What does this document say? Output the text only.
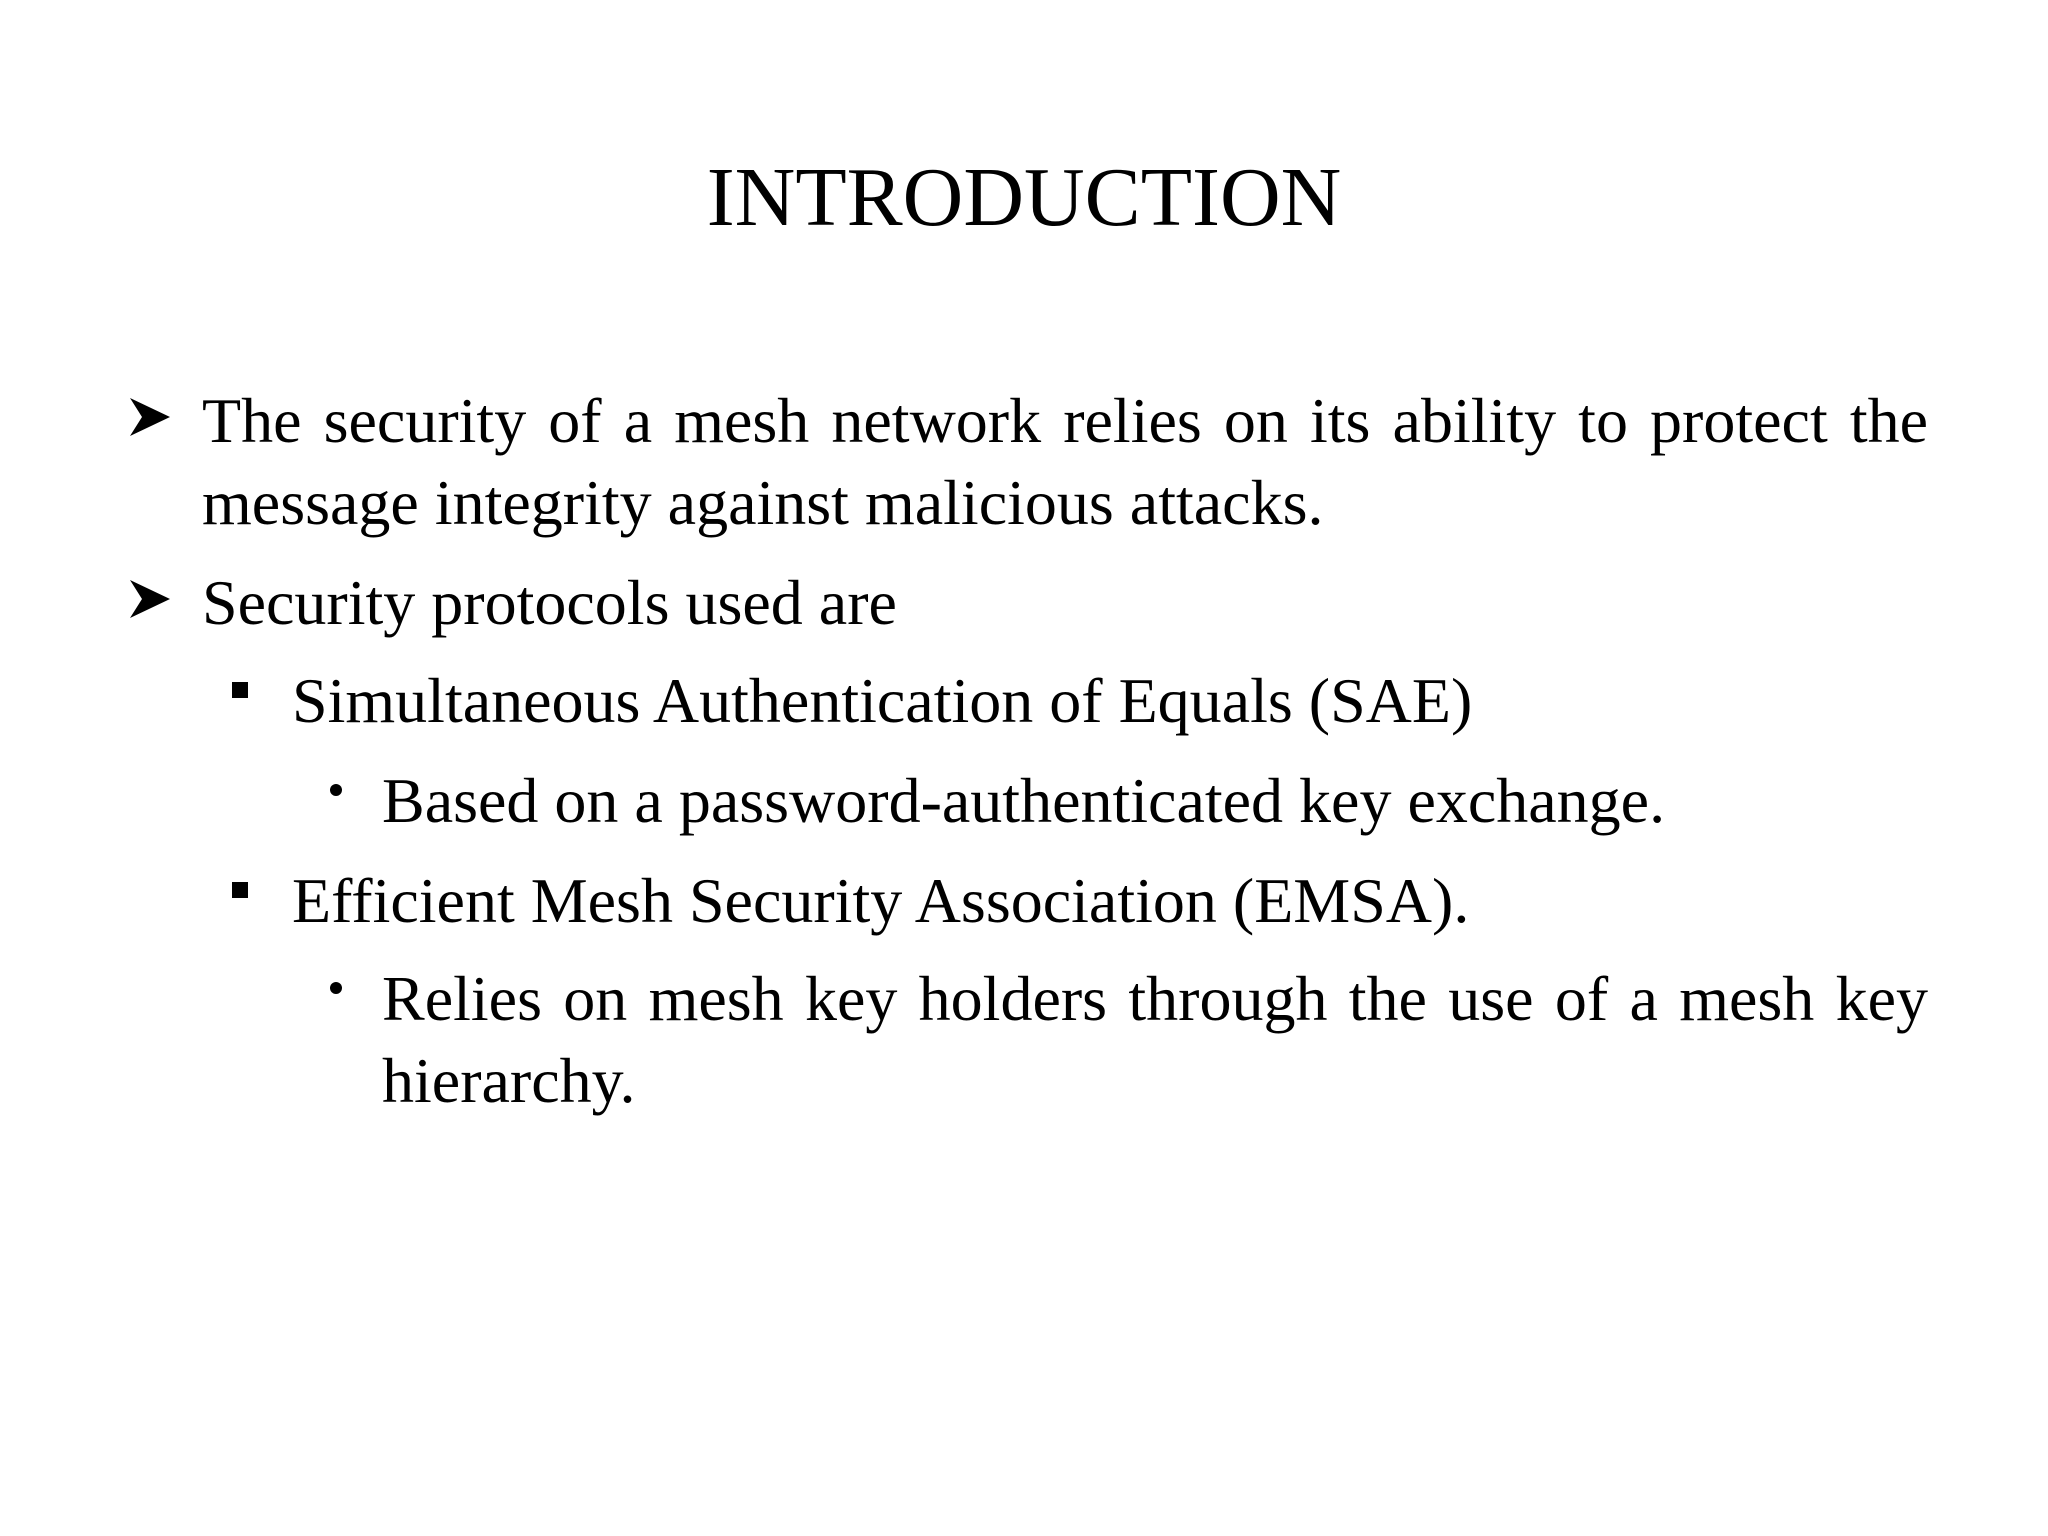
INTRODUCTION
The security of a mesh network relies on its ability to protect the message integrity against malicious attacks.
Security protocols used are
Simultaneous Authentication of Equals (SAE)
Based on a password-authenticated key exchange.
Efficient Mesh Security Association (EMSA).
Relies on mesh key holders through the use of a mesh key hierarchy.
